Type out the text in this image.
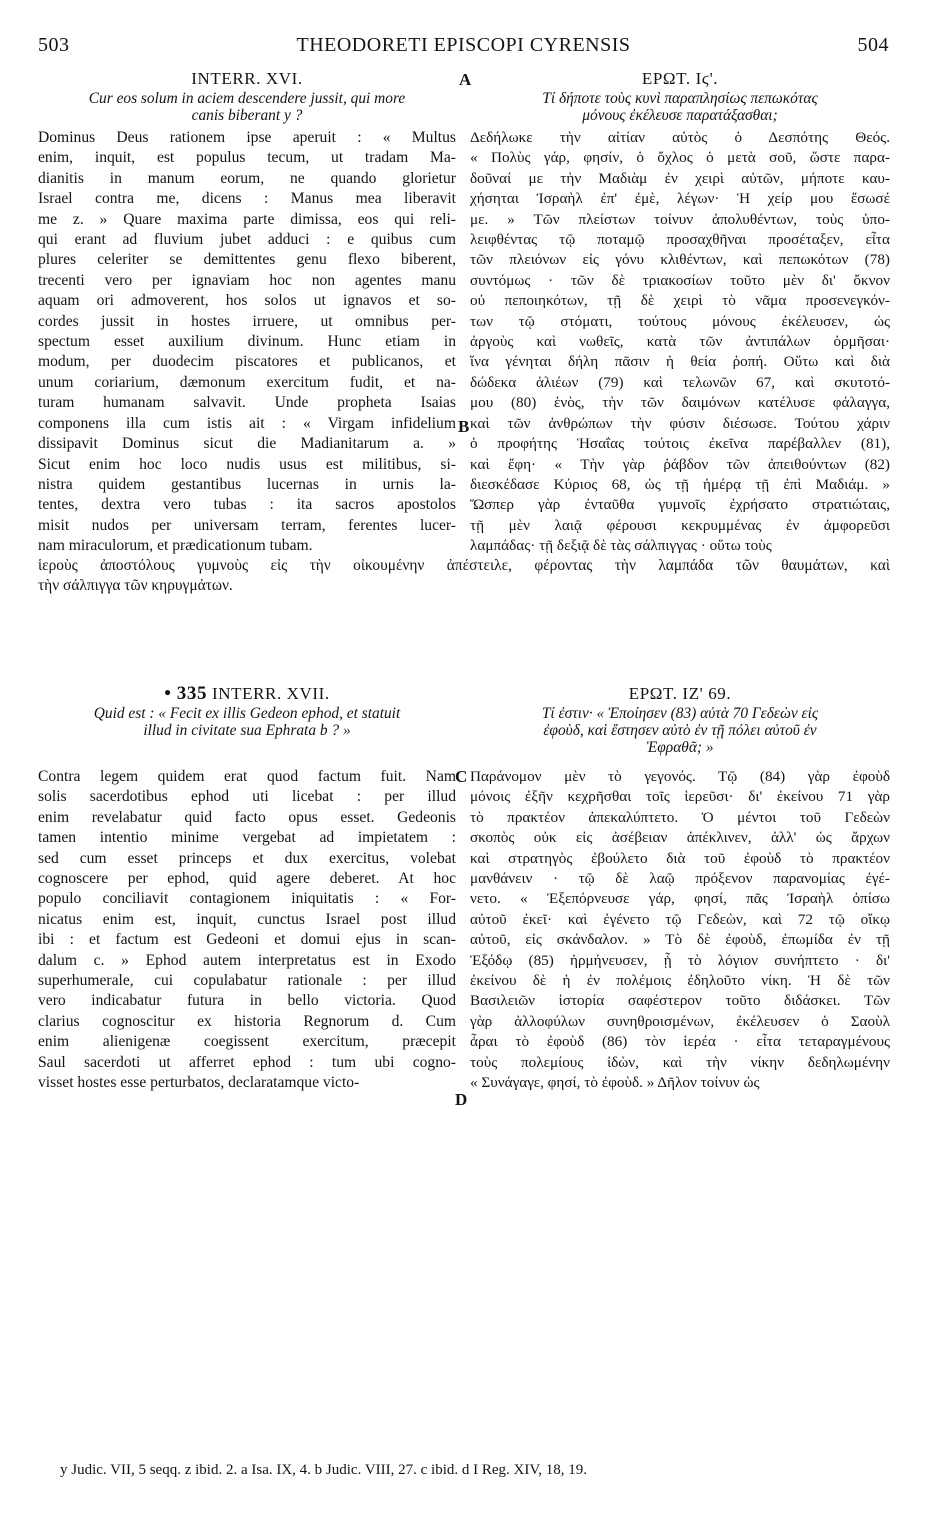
503	THEODORETI EPISCOPI CYRENSIS	504
INTERR. XVI.
Cur eos solum in aciem descendere jussit, qui more
canis biberant y ?
A	ΕΡΩΤ. Ιϛ'.
Τί δήποτε τοὺς κυνὶ παραπλησίως πεπωκότας
μόνους ἐκέλευσε παρατάξασθαι;
Dominus Deus rationem ipse aperuit : « Multus
enim, inquit, est populus tecum, ut tradam Ma-
dianitis in manum eorum, ne quando glorietur
Israel contra me, dicens : Manus mea liberavit
me z. » Quare maxima parte dimissa, eos qui reli-
qui erant ad fluvium jubet adduci : e quibus cum
plures celeriter se demittentes genu flexo biberent,
trecenti vero per ignaviam hoc non agentes manu
aquam ori admoverent, hos solos ut ignavos et so-
cordes jussit in hostes irruere, ut omnibus per-
spectum esset auxilium divinum. Hunc etiam in
modum, per duodecim piscatores et publicanos, et
unum coriarium, dæmonum exercitum fudit, et na-
turam humanam salvavit. Unde propheta Isaias
componens illa cum istis ait : « Virgam infidelium
dissipavit Dominus sicut die Madianitarum a. »
Sicut enim hoc loco nudis usus est militibus, si-
nistra quidem gestantibus lucernas in urnis la-
tentes, dextra vero tubas : ita sacros apostolos
misit nudos per universam terram, ferentes lucer-
nam miraculorum, et prædicationum tubam.
B
Δεδήλωκε τὴν αἰτίαν αὐτὸς ὁ Δεσπότης Θεός.
« Πολὺς γάρ, φησίν, ὁ ὄχλος ὁ μετὰ σοῦ, ὥστε παρα-
δοῦναί με τὴν Μαδιὰμ ἐν χειρὶ αὐτῶν, μήποτε καυ-
χήσηται Ἰσραὴλ ἐπ' ἐμὲ, λέγων· Ἡ χείρ μου ἔσωσέ
με. » Τῶν πλείστων τοίνυν ἀπολυθέντων, τοὺς ὑπο-
λειφθέντας τῷ ποταμῷ προσαχθῆναι προσέταξεν, εἶτα
τῶν πλειόνων εἰς γόνυ κλιθέντων, καὶ πεπωκότων (78)
συντόμως · τῶν δὲ τριακοσίων τοῦτο μὲν δι' ὄκνον
οὐ πεποιηκότων, τῇ δὲ χειρὶ τὸ νᾶμα προσενεγκόν-
των τῷ στόματι, τούτους μόνους ἐκέλευσεν, ὡς
ἀργοὺς καὶ νωθεῖς, κατὰ τῶν ἀντιπάλων ὁρμῆσαι·
ἵνα γένηται δήλη πᾶσιν ἡ θεία ῥοπή. Οὕτω καὶ διὰ
δώδεκα ἁλιέων (79) καὶ τελωνῶν 67, καὶ σκυτοτό-
μου (80) ἑνὸς, τὴν τῶν δαιμόνων κατέλυσε φάλαγγα,
καὶ τῶν ἀνθρώπων τὴν φύσιν διέσωσε. Τούτου χάριν
ὁ προφήτης Ἡσαΐας τούτοις ἐκεῖνα παρέβαλλεν (81),
καὶ ἔφη· « Τὴν γὰρ ῥάβδον τῶν ἀπειθούντων (82)
διεσκέδασε Κύριος 68, ὡς τῇ ἡμέρᾳ τῇ ἐπὶ Μαδιάμ. »
Ὥσπερ γὰρ ἐνταῦθα γυμνοῖς ἐχρήσατο στρατιώταις,
τῇ μὲν λαιᾷ φέρουσι κεκρυμμένας ἐν ἀμφορεῦσι
λαμπάδας· τῇ δεξιᾷ δὲ τὰς σάλπιγγας · οὕτω τοὺς
ἱεροὺς ἀποστόλους γυμνοὺς εἰς τὴν οἰκουμένην ἀπέστειλε, φέροντας τὴν λαμπάδα τῶν θαυμάτων, καὶ
τὴν σάλπιγγα τῶν κηρυγμάτων.
• 335 INTERR. XVII.
Quid est : « Fecit ex illis Gedeon ephod, et statuit
illud in civitate sua Ephrata b ? »
ΕΡΩΤ. ΙΖ' 69.
Τί ἐστιν· « Ἐποίησεν (83) αὐτὰ 70 Γεδεὼν εἰς
ἐφοὺδ, καὶ ἔστησεν αὐτὸ ἐν τῇ πόλει αὐτοῦ ἐν
Ἐφραθᾶ; »
C
Contra legem quidem erat quod factum fuit. Nam
solis sacerdotibus ephod uti licebat : per illud
enim revelabatur quid facto opus esset. Gedeonis
tamen intentio minime vergebat ad impietatem :
sed cum esset princeps et dux exercitus, volebat
cognoscere per ephod, quid agere deberet. At hoc
populo conciliavit contagionem iniquitatis : « For-
nicatus enim est, inquit, cunctus Israel post illud
ibi : et factum est Gedeoni et domui ejus in scan-
dalum c. » Ephod autem interpretatus est in Exodo
superhumerale, cui copulabatur rationale : per illud
vero indicabatur futura in bello victoria. Quod
clarius cognoscitur ex historia Regnorum d. Cum
enim alienigenæ coegissent exercitum, præcepit
Saul sacerdoti ut afferret ephod : tum ubi cogno-
visset hostes esse perturbatos, declaratamque victo-
Παράνομον μὲν τὸ γεγονός. Τῷ (84) γὰρ ἐφοὺδ
μόνοις ἐξῆν κεχρῆσθαι τοῖς ἱερεῦσι· δι' ἐκείνου 71 γὰρ
τὸ πρακτέον ἀπεκαλύπτετο. Ὁ μέντοι τοῦ Γεδεὼν
σκοπὸς οὐκ εἰς ἀσέβειαν ἀπέκλινεν, ἀλλ' ὡς ἄρχων
καὶ στρατηγὸς ἐβούλετο διὰ τοῦ ἐφοὺδ τὸ πρακτέον
μανθάνειν · τῷ δὲ λαῷ πρόξενον παρανομίας ἐγέ-
νετο. « Ἐξεπόρνευσε γάρ, φησί, πᾶς Ἰσραὴλ ὀπίσω
αὐτοῦ ἐκεῖ· καὶ ἐγένετο τῷ Γεδεὼν, καὶ 72 τῷ οἴκῳ
αὐτοῦ, εἰς σκάνδαλον. » Τὸ δὲ ἐφοὺδ, ἐπωμίδα ἐν τῇ
Ἐξόδῳ (85) ἡρμήνευσεν, ᾗ τὸ λόγιον συνήπτετο · δι'
ἐκείνου δὲ ἡ ἐν πολέμοις ἐδηλοῦτο νίκη. Ἡ δὲ τῶν
Βασιλειῶν ἱστορία σαφέστερον τοῦτο διδάσκει. Τῶν
γὰρ ἀλλοφύλων συνηθροισμένων, ἐκέλευσεν ὁ Σαοὺλ
ἆραι τὸ ἐφοὺδ (86) τὸν ἱερέα · εἶτα τεταραγμένους
τοὺς πολεμίους ἰδὼν, καὶ τὴν νίκην δεδηλωμένην
« Συνάγαγε, φησί, τὸ ἐφοὺδ. » Δῆλον τοίνυν ὡς
D
y Judic. VII, 5 seqq. z ibid. 2. a Isa. IX, 4. b Judic. VIII, 27. c ibid. d I Reg. XIV, 18, 19.
